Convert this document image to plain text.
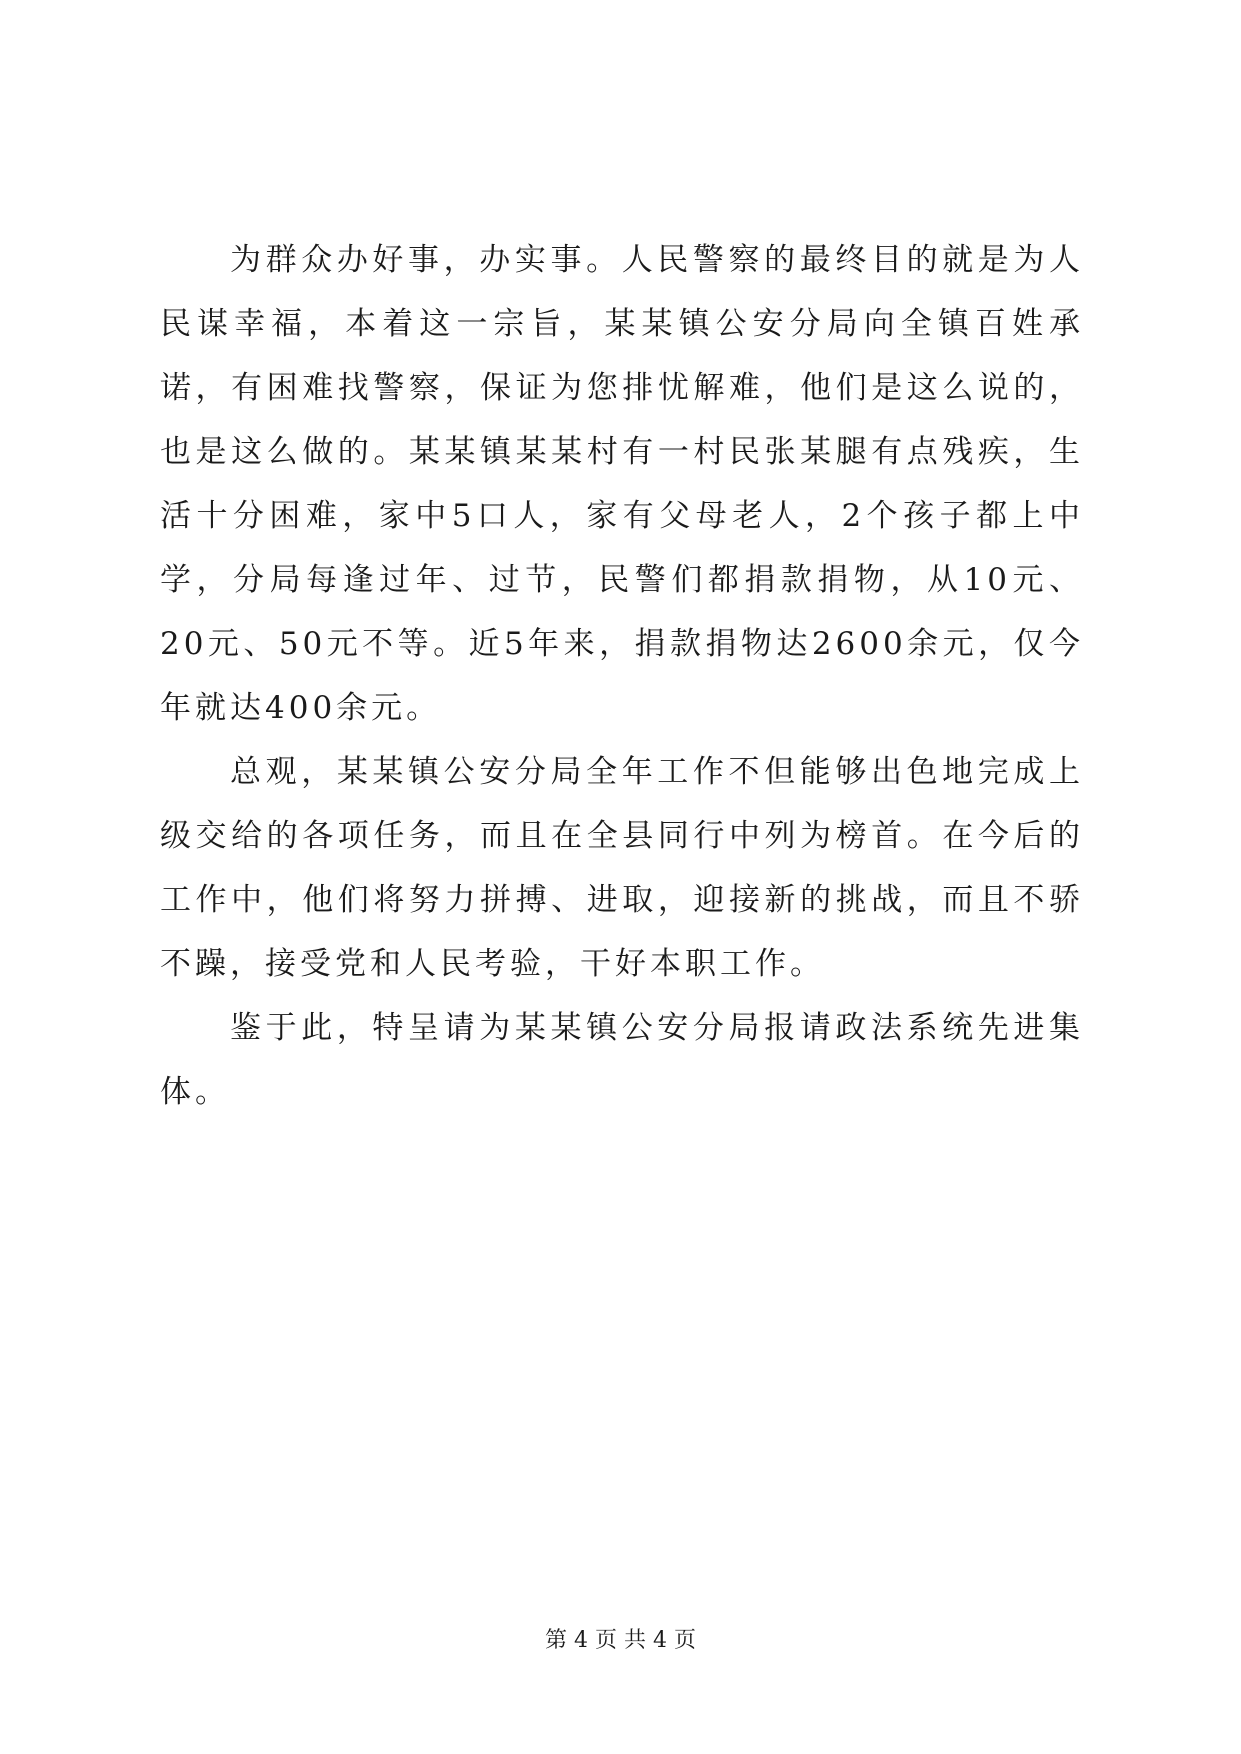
为群众办好事，办实事。人民警察的最终目的就是为人民谋幸福，本着这一宗旨，某某镇公安分局向全镇百姓承诺，有困难找警察，保证为您排忧解难，他们是这么说的，也是这么做的。某某镇某某村有一村民张某腿有点残疾，生活十分困难，家中5口人，家有父母老人，2个孩子都上中学，分局每逢过年、过节，民警们都捐款捐物，从10元、20元、50元不等。近5年来，捐款捐物达2600余元，仅今年就达400余元。

总观，某某镇公安分局全年工作不但能够出色地完成上级交给的各项任务，而且在全县同行中列为榜首。在今后的工作中，他们将努力拼搏、进取，迎接新的挑战，而且不骄不躁，接受党和人民考验，干好本职工作。

鉴于此，特呈请为某某镇公安分局报请政法系统先进集体。

第 4 页 共 4 页
